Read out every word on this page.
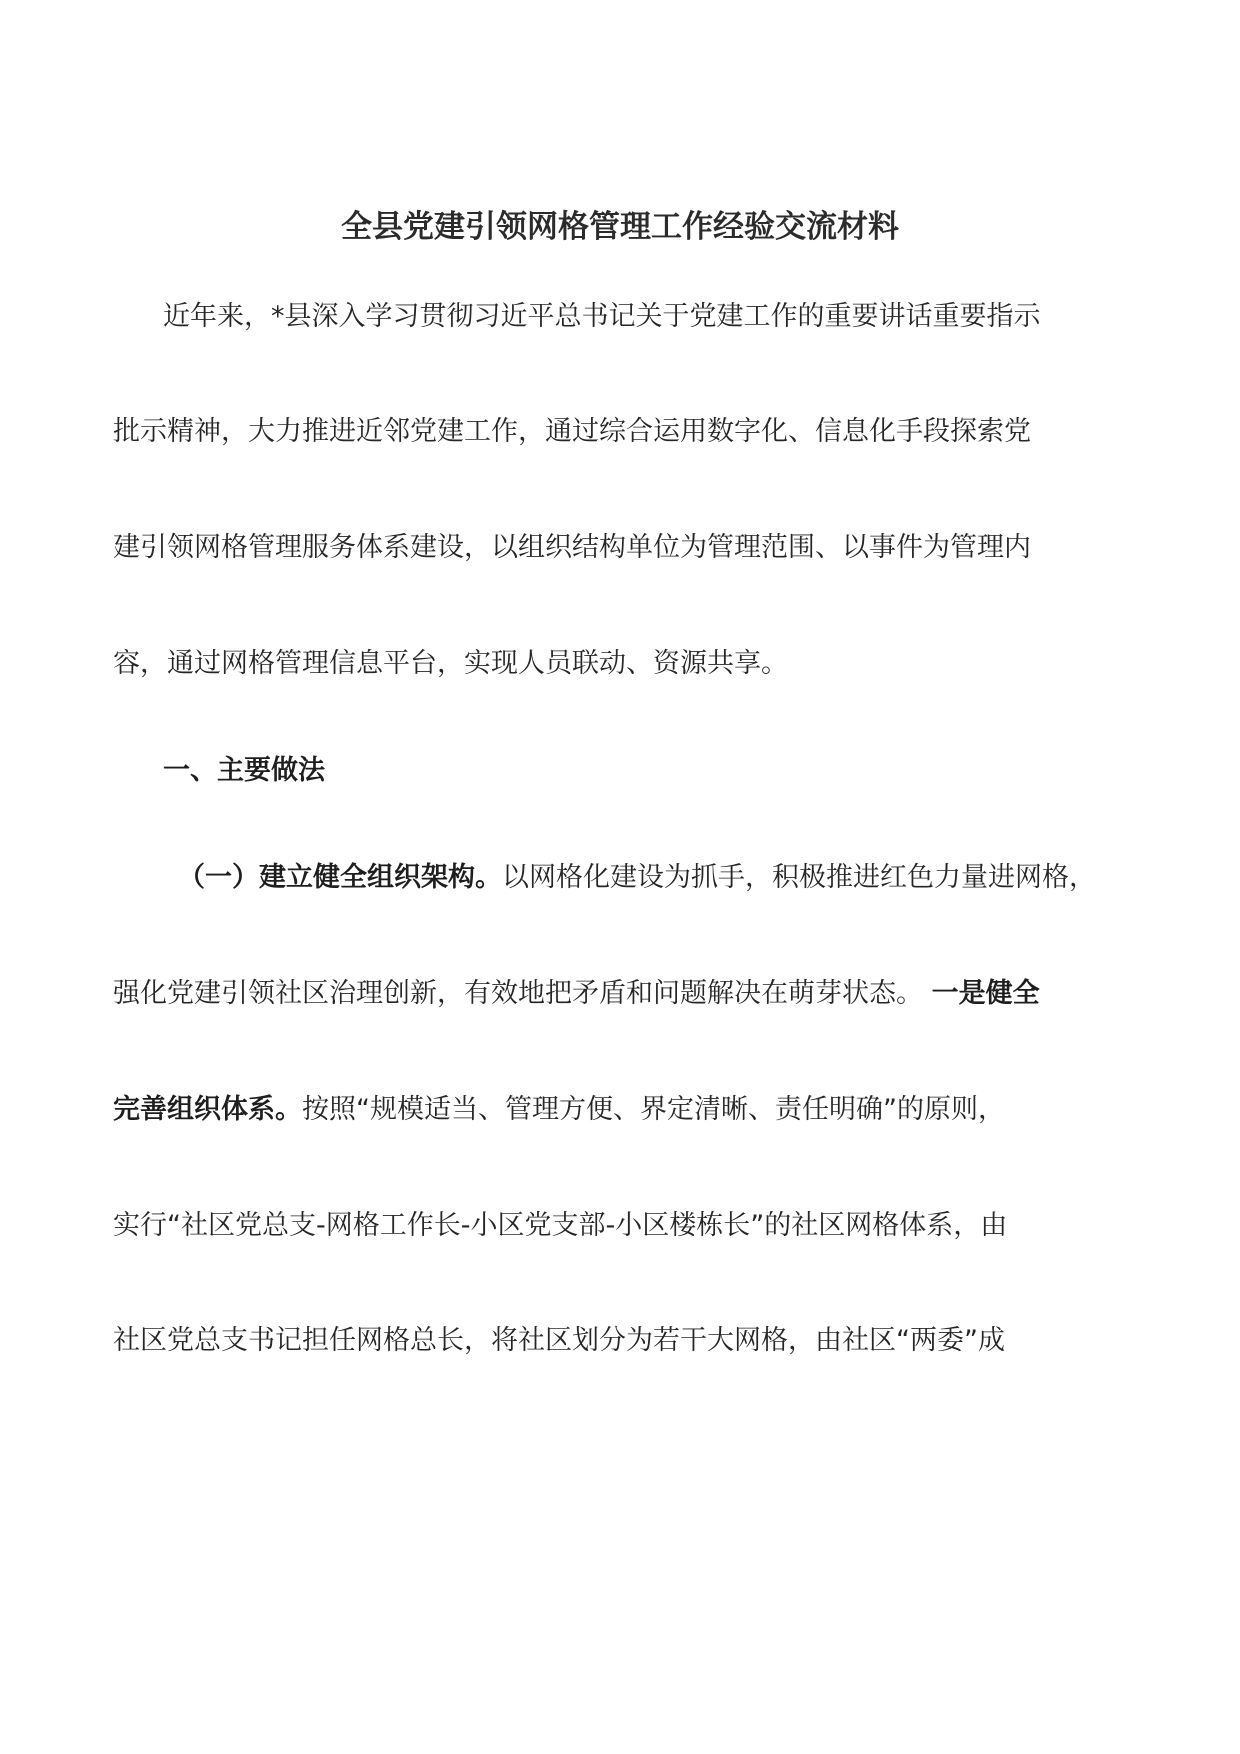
全县党建引领网格管理工作经验交流材料

近年来，*县深入学习贯彻习近平总书记关于党建工作的重要讲话重要指示

批示精神，大力推进近邻党建工作，通过综合运用数字化、信息化手段探索党

建引领网格管理服务体系建设，以组织结构单位为管理范围、以事件为管理内

容，通过网格管理信息平台，实现人员联动、资源共享。

一、主要做法

（一）建立健全组织架构。以网格化建设为抓手，积极推进红色力量进网格，

强化党建引领社区治理创新，有效地把矛盾和问题解决在萌芽状态。 一是健全

完善组织体系。按照“规模适当、管理方便、界定清晰、责任明确”的原则，

实行“社区党总支-网格工作长-小区党支部-小区楼栋长”的社区网格体系，由

社区党总支书记担任网格总长，将社区划分为若干大网格，由社区“两委”成
